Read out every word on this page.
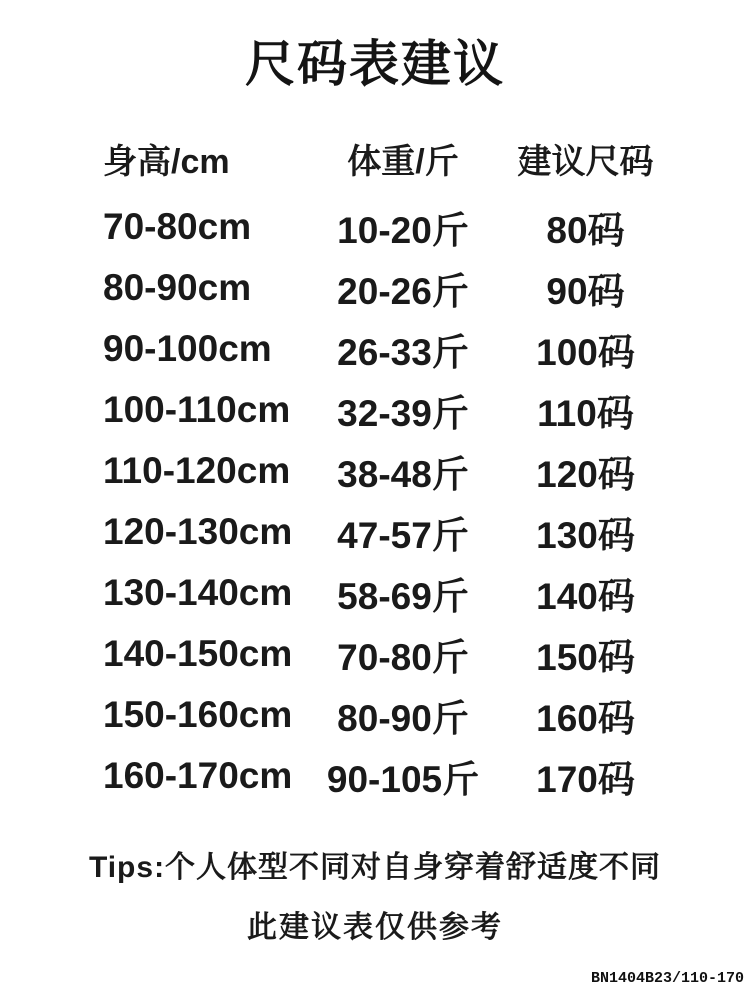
尺码表建议
身高/cm	体重/斤	建议尺码
70-80cm	10-20斤	80码
80-90cm	20-26斤	90码
90-100cm	26-33斤	100码
100-110cm	32-39斤	110码
110-120cm	38-48斤	120码
120-130cm	47-57斤	130码
130-140cm	58-69斤	140码
140-150cm	70-80斤	150码
150-160cm	80-90斤	160码
160-170cm 90-105斤	170码
Tips:个人体型不同对自身穿着舒适度不同
此建议表仅供参考
BN1404B23/110-170
